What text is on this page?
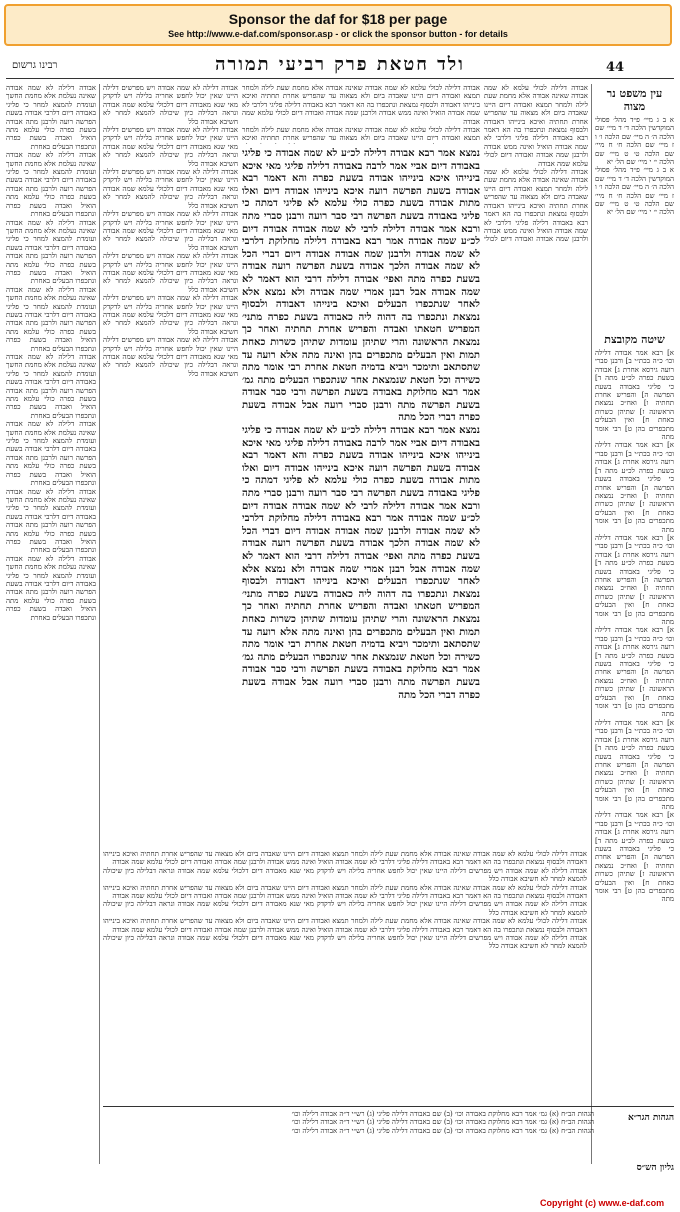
Sponsor the daf for $18 per page
See http://www.e-daf.com/sponsor.asp - or click the sponsor button - for details
רבינו גרשום	ולד חטאת פרק רביעי תמורה	44
אבודה דלילה לא שמה אבודה שאינה נעלמת אלא מחמת החשך ועומדת להמצא למחר כי פליגי באבודה דיום דלרבי אבודה בשעת הפרשה רועה ולרבנן מתה אבודה בשעת כפרה כולי עלמא מתה הואיל ואבדה בשעת כפרה ונתכפרו הבעלים באחרת
אבודה דלילה לא שמה אבודה שאינה נעלמת אלא מחמת החשך ועומדת להמצא למחר כי פליגי באבודה דיום דלרבי אבודה בשעת הפרשה רועה ולרבנן מתה אבודה בשעת כפרה כולי עלמא מתה הואיל ואבדה בשעת כפרה ונתכפרו הבעלים באחרת
אבודה דלילה לא שמה אבודה שאינה נעלמת אלא מחמת החשך ועומדת להמצא למחר כי פליגי באבודה דיום דלרבי אבודה בשעת הפרשה רועה ולרבנן מתה אבודה בשעת כפרה כולי עלמא מתה הואיל ואבדה בשעת כפרה ונתכפרו הבעלים באחרת
אבודה דלילה לא שמה אבודה שאינה נעלמת אלא מחמת החשך ועומדת להמצא למחר כי פליגי באבודה דיום דלרבי אבודה בשעת הפרשה רועה ולרבנן מתה אבודה בשעת כפרה כולי עלמא מתה הואיל ואבדה בשעת כפרה ונתכפרו הבעלים באחרת
אבודה דלילה לא שמה אבודה שאינה נעלמת אלא מחמת החשך ועומדת להמצא למחר כי פליגי באבודה דיום דלרבי אבודה בשעת הפרשה רועה ולרבנן מתה אבודה בשעת כפרה כולי עלמא מתה הואיל ואבדה בשעת כפרה ונתכפרו הבעלים באחרת
אבודה דלילה לא שמה אבודה שאינה נעלמת אלא מחמת החשך ועומדת להמצא למחר כי פליגי באבודה דיום דלרבי אבודה בשעת הפרשה רועה ולרבנן מתה אבודה בשעת כפרה כולי עלמא מתה הואיל ואבדה בשעת כפרה ונתכפרו הבעלים באחרת
אבודה דלילה לא שמה אבודה שאינה נעלמת אלא מחמת החשך ועומדת להמצא למחר כי פליגי באבודה דיום דלרבי אבודה בשעת הפרשה רועה ולרבנן מתה אבודה בשעת כפרה כולי עלמא מתה הואיל ואבדה בשעת כפרה ונתכפרו הבעלים באחרת
אבודה דלילה לא שמה אבודה שאינה נעלמת אלא מחמת החשך ועומדת להמצא למחר כי פליגי באבודה דיום דלרבי אבודה בשעת הפרשה רועה ולרבנן מתה אבודה בשעת כפרה כולי עלמא מתה הואיל ואבדה בשעת כפרה ונתכפרו הבעלים באחרת
אבודה דלילה לא שמה אבודה ויש מפרשים דלילה היינו שאין יכול לחפש אחריה בלילה ויש לדקדק מאי שנא מאבודה דיום דלכולי עלמא שמה אבודה ונראה דבלילה כיון שיכולה להמצא למחר לא חשיבא אבודה כלל
אבודה דלילה לא שמה אבודה ויש מפרשים דלילה היינו שאין יכול לחפש אחריה בלילה ויש לדקדק מאי שנא מאבודה דיום דלכולי עלמא שמה אבודה ונראה דבלילה כיון שיכולה להמצא למחר לא חשיבא אבודה כלל
אבודה דלילה לא שמה אבודה ויש מפרשים דלילה היינו שאין יכול לחפש אחריה בלילה ויש לדקדק מאי שנא מאבודה דיום דלכולי עלמא שמה אבודה ונראה דבלילה כיון שיכולה להמצא למחר לא חשיבא אבודה כלל
אבודה דלילה לא שמה אבודה ויש מפרשים דלילה היינו שאין יכול לחפש אחריה בלילה ויש לדקדק מאי שנא מאבודה דיום דלכולי עלמא שמה אבודה ונראה דבלילה כיון שיכולה להמצא למחר לא חשיבא אבודה כלל
אבודה דלילה לא שמה אבודה ויש מפרשים דלילה היינו שאין יכול לחפש אחריה בלילה ויש לדקדק מאי שנא מאבודה דיום דלכולי עלמא שמה אבודה ונראה דבלילה כיון שיכולה להמצא למחר לא חשיבא אבודה כלל
אבודה דלילה לא שמה אבודה ויש מפרשים דלילה היינו שאין יכול לחפש אחריה בלילה ויש לדקדק מאי שנא מאבודה דיום דלכולי עלמא שמה אבודה ונראה דבלילה כיון שיכולה להמצא למחר לא חשיבא אבודה כלל
אבודה דלילה לא שמה אבודה ויש מפרשים דלילה היינו שאין יכול לחפש אחריה בלילה ויש לדקדק מאי שנא מאבודה דיום דלכולי עלמא שמה אבודה ונראה דבלילה כיון שיכולה להמצא למחר לא חשיבא אבודה כלל
נמצא אמר רבא אבודה דלילה לכ״ע לא שמה אבודה כי פליגי באבודה דיום אביי אמר לרבה באבודה דלילה פליגי מאי איכא בינייהו איכא בינייהו אבודה בשעת כפרה והא דאמר רבא אבודה בשעת הפרשה רועה איכא בינייהו אבודה דיום ואלו מתות אבודה בשעת כפרה כולי עלמא לא פליגי דמתה כי פליגי באבודה בשעת הפרשה רבי סבר רועה ורבנן סברי מתה ורבא אמר אבודה דלילה לרבי לא שמה אבודה אבודה דיום לכ״ע שמה אבודה אמר רבא באבודה דלילה מחלוקת דלרבי לא שמה אבודה ולרבנן שמה אבודה אבודה דיום דברי הכל לא שמה אבודה הלכך אבודה בשעת הפרשה רועה אבודה בשעת כפרה מתה ואפי׳ אבודה דלילה דרבי הוא דאמר לא שמה אבודה אבל רבנן אמרי שמה אבודה ולא נמצא אלא לאחר שנתכפרו הבעלים ואיכא בינייהו דאבודה ולבסוף נמצאת ונתכפרו בה דהוה ליה כאבודה בשעת כפרה מתני׳ המפריש חטאתו ואבדה והפריש אחרת תחתיה ואחר כך נמצאת הראשונה והרי שתיהן עומדות שתיהן כשרות כאחת תמות ואין הבעלים מתכפרים בהן ואינה מתה אלא רועה עד שתסתאב ותימכר ויביא בדמיה חטאת אחרת רבי אומר מתה כשירה וכל חטאת שנמצאת אחר שנתכפרו הבעלים מתה גמ׳ אמר רבא מחלוקת באבודה בשעת הפרשה ורבי סבר אבודה בשעת הפרשה מתה ורבנן סברי רועה אבל אבודה בשעת כפרה דברי הכל מתה
נמצא אמר רבא אבודה דלילה לכ״ע לא שמה אבודה כי פליגי באבודה דיום אביי אמר לרבה באבודה דלילה פליגי מאי איכא בינייהו איכא בינייהו אבודה בשעת כפרה והא דאמר רבא אבודה בשעת הפרשה רועה איכא בינייהו אבודה דיום ואלו מתות אבודה בשעת כפרה כולי עלמא לא פליגי דמתה כי פליגי באבודה בשעת הפרשה רבי סבר רועה ורבנן סברי מתה ורבא אמר אבודה דלילה לרבי לא שמה אבודה אבודה דיום לכ״ע שמה אבודה אמר רבא באבודה דלילה מחלוקת דלרבי לא שמה אבודה ולרבנן שמה אבודה אבודה דיום דברי הכל לא שמה אבודה הלכך אבודה בשעת הפרשה רועה אבודה בשעת כפרה מתה ואפי׳ אבודה דלילה דרבי הוא דאמר לא שמה אבודה אבל רבנן אמרי שמה אבודה ולא נמצא אלא לאחר שנתכפרו הבעלים ואיכא בינייהו דאבודה ולבסוף נמצאת ונתכפרו בה דהוה ליה כאבודה בשעת כפרה מתני׳ המפריש חטאתו ואבדה והפריש אחרת תחתיה ואחר כך נמצאת הראשונה והרי שתיהן עומדות שתיהן כשרות כאחת תמות ואין הבעלים מתכפרים בהן ואינה מתה אלא רועה עד שתסתאב ותימכר ויביא בדמיה חטאת אחרת רבי אומר מתה כשירה וכל חטאת שנמצאת אחר שנתכפרו הבעלים מתה גמ׳ אמר רבא מחלוקת באבודה בשעת הפרשה ורבי סבר אבודה בשעת הפרשה מתה ורבנן סברי רועה אבל אבודה בשעת כפרה דברי הכל מתה
אבודה דלילה לכולי עלמא לא שמה אבודה שאינה אבודה אלא מחמת שעת לילה ולמחר תמצא ואבודה דיום היינו שאבדה ביום ולא מצאוה עד שהפריש אחרת תחתיה ואיכא בינייהו דאבודה ולבסוף נמצאת ונתכפרו בה הא דאמר רבא באבודה דלילה פליגי דלרבי לא שמה אבודה הואיל ואינה ממש אבודה ולרבנן שמה אבודה ואבודה דיום לכולי עלמא שמה אבודה
אבודה דלילה לכולי עלמא לא שמה אבודה שאינה אבודה אלא מחמת שעת לילה ולמחר תמצא ואבודה דיום היינו שאבדה ביום ולא מצאוה עד שהפריש אחרת תחתיה ואיכא בינייהו דאבודה ולבסוף נמצאת ונתכפרו בה הא דאמר רבא באבודה דלילה פליגי דלרבי לא שמה אבודה הואיל ואינה ממש אבודה ולרבנן שמה אבודה ואבודה דיום לכולי
אבודה דלילה לכולי עלמא לא שמה אבודה שאינה אבודה אלא מחמת שעת לילה ולמחר תמצא ואבודה דיום היינו שאבדה ביום ולא מצאוה עד שהפריש אחרת תחתיה ואיכא בינייהו דאבודה ולבסוף נמצאת ונתכפרו בה הא דאמר רבא באבודה דלילה פליגי דלרבי לא שמה אבודה הואיל ואינה ממש אבודה ולרבנן שמה אבודה ואבודה דיום לכולי עלמא שמה אבודה
אבודה דלילה לכולי עלמא לא שמה אבודה שאינה אבודה אלא מחמת שעת לילה ולמחר תמצא ואבודה דיום היינו שאבדה ביום ולא מצאוה עד שהפריש אחרת תחתיה ואיכא
עין משפט נר מצוה
א ב ג מיי׳ פ״ד מהל׳ פסולי המוקדשין הלכה ד׳ ד מיי׳ שם הלכה ה׳ ה מיי׳ שם הלכה ו׳ ו ז מיי׳ שם הלכה ח׳ ח מיי׳ שם הלכה ט׳ ט מיי׳ שם הלכה י׳ י מיי׳ שם הל׳ יא
א ב ג מיי׳ פ״ד מהל׳ פסולי המוקדשין הלכה ד׳ ד מיי׳ שם הלכה ה׳ ה מיי׳ שם הלכה ו׳ ו ז מיי׳ שם הלכה ח׳ ח מיי׳ שם הלכה ט׳ ט מיי׳ שם הלכה י׳ י מיי׳ שם הל׳ יא
שיטה מקובצת
א] רבא אמר אבודה דלילה וכו׳ כ״ה בכת״י ב] ורבנן סברי רועה גירסא אחרת ג] אבודה בשעת כפרה לכ״ע מתה ד] כי פליגי באבודה בשעת הפרשה ה] והפריש אחרת תחתיה ו] ואח״כ נמצאת הראשונה ז] שתיהן כשרות כאחת ח] ואין הבעלים מתכפרים בהן ט] רבי אומר מתה
א] רבא אמר אבודה דלילה וכו׳ כ״ה בכת״י ב] ורבנן סברי רועה גירסא אחרת ג] אבודה בשעת כפרה לכ״ע מתה ד] כי פליגי באבודה בשעת הפרשה ה] והפריש אחרת תחתיה ו] ואח״כ נמצאת הראשונה ז] שתיהן כשרות כאחת ח] ואין הבעלים מתכפרים בהן ט] רבי אומר מתה
א] רבא אמר אבודה דלילה וכו׳ כ״ה בכת״י ב] ורבנן סברי רועה גירסא אחרת ג] אבודה בשעת כפרה לכ״ע מתה ד] כי פליגי באבודה בשעת הפרשה ה] והפריש אחרת תחתיה ו] ואח״כ נמצאת הראשונה ז] שתיהן כשרות כאחת ח] ואין הבעלים מתכפרים בהן ט] רבי אומר מתה
א] רבא אמר אבודה דלילה וכו׳ כ״ה בכת״י ב] ורבנן סברי רועה גירסא אחרת ג] אבודה בשעת כפרה לכ״ע מתה ד] כי פליגי באבודה בשעת הפרשה ה] והפריש אחרת תחתיה ו] ואח״כ נמצאת הראשונה ז] שתיהן כשרות כאחת ח] ואין הבעלים מתכפרים בהן ט] רבי אומר מתה
א] רבא אמר אבודה דלילה וכו׳ כ״ה בכת״י ב] ורבנן סברי רועה גירסא אחרת ג] אבודה בשעת כפרה לכ״ע מתה ד] כי פליגי באבודה בשעת הפרשה ה] והפריש אחרת תחתיה ו] ואח״כ נמצאת הראשונה ז] שתיהן כשרות כאחת ח] ואין הבעלים מתכפרים בהן ט] רבי אומר מתה
א] רבא אמר אבודה דלילה וכו׳ כ״ה בכת״י ב] ורבנן סברי רועה גירסא אחרת ג] אבודה בשעת כפרה לכ״ע מתה ד] כי פליגי באבודה בשעת הפרשה ה] והפריש אחרת תחתיה ו] ואח״כ נמצאת הראשונה ז] שתיהן כשרות כאחת ח] ואין הבעלים מתכפרים בהן ט] רבי אומר מתה
אבודה דלילה לכולי עלמא לא שמה אבודה שאינה אבודה אלא מחמת שעת לילה ולמחר תמצא ואבודה דיום היינו שאבדה ביום ולא מצאוה עד שהפריש אחרת תחתיה ואיכא בינייהו דאבודה ולבסוף נמצאת ונתכפרו בה הא דאמר רבא באבודה דלילה פליגי דלרבי לא שמה אבודה הואיל ואינה ממש אבודה ולרבנן שמה אבודה ואבודה דיום לכולי עלמא שמה אבודה
אבודה דלילה לא שמה אבודה ויש מפרשים דלילה היינו שאין יכול לחפש אחריה בלילה ויש לדקדק מאי שנא מאבודה דיום דלכולי עלמא שמה אבודה ונראה דבלילה כיון שיכולה להמצא למחר לא חשיבא אבודה כלל
אבודה דלילה לכולי עלמא לא שמה אבודה שאינה אבודה אלא מחמת שעת לילה ולמחר תמצא ואבודה דיום היינו שאבדה ביום ולא מצאוה עד שהפריש אחרת תחתיה ואיכא בינייהו דאבודה ולבסוף נמצאת ונתכפרו בה הא דאמר רבא באבודה דלילה פליגי דלרבי לא שמה אבודה הואיל ואינה ממש אבודה ולרבנן שמה אבודה ואבודה דיום לכולי עלמא שמה אבודה
אבודה דלילה לא שמה אבודה ויש מפרשים דלילה היינו שאין יכול לחפש אחריה בלילה ויש לדקדק מאי שנא מאבודה דיום דלכולי עלמא שמה אבודה ונראה דבלילה כיון שיכולה להמצא למחר לא חשיבא אבודה כלל
אבודה דלילה לכולי עלמא לא שמה אבודה שאינה אבודה אלא מחמת שעת לילה ולמחר תמצא ואבודה דיום היינו שאבדה ביום ולא מצאוה עד שהפריש אחרת תחתיה ואיכא בינייהו דאבודה ולבסוף נמצאת ונתכפרו בה הא דאמר רבא באבודה דלילה פליגי דלרבי לא שמה אבודה הואיל ואינה ממש אבודה ולרבנן שמה אבודה ואבודה דיום לכולי עלמא שמה אבודה
אבודה דלילה לא שמה אבודה ויש מפרשים דלילה היינו שאין יכול לחפש אחריה בלילה ויש לדקדק מאי שנא מאבודה דיום דלכולי עלמא שמה אבודה ונראה דבלילה כיון שיכולה להמצא למחר לא חשיבא אבודה כלל
הגהות הגר״א
גליון הש״ס
הגהות הב״ח (א) גמ׳ אמר רבא מחלוקת באבודה וכו׳ (ב) שם באבודה דלילה פליגי (ג) רש״י ד״ה אבודה דלילה וכו׳
הגהות הב״ח (א) גמ׳ אמר רבא מחלוקת באבודה וכו׳ (ב) שם באבודה דלילה פליגי (ג) רש״י ד״ה אבודה דלילה וכו׳
הגהות הב״ח (א) גמ׳ אמר רבא מחלוקת באבודה וכו׳ (ב) שם באבודה דלילה פליגי (ג) רש״י ד״ה אבודה דלילה וכו׳
Copyright (c) www.e-daf.com
